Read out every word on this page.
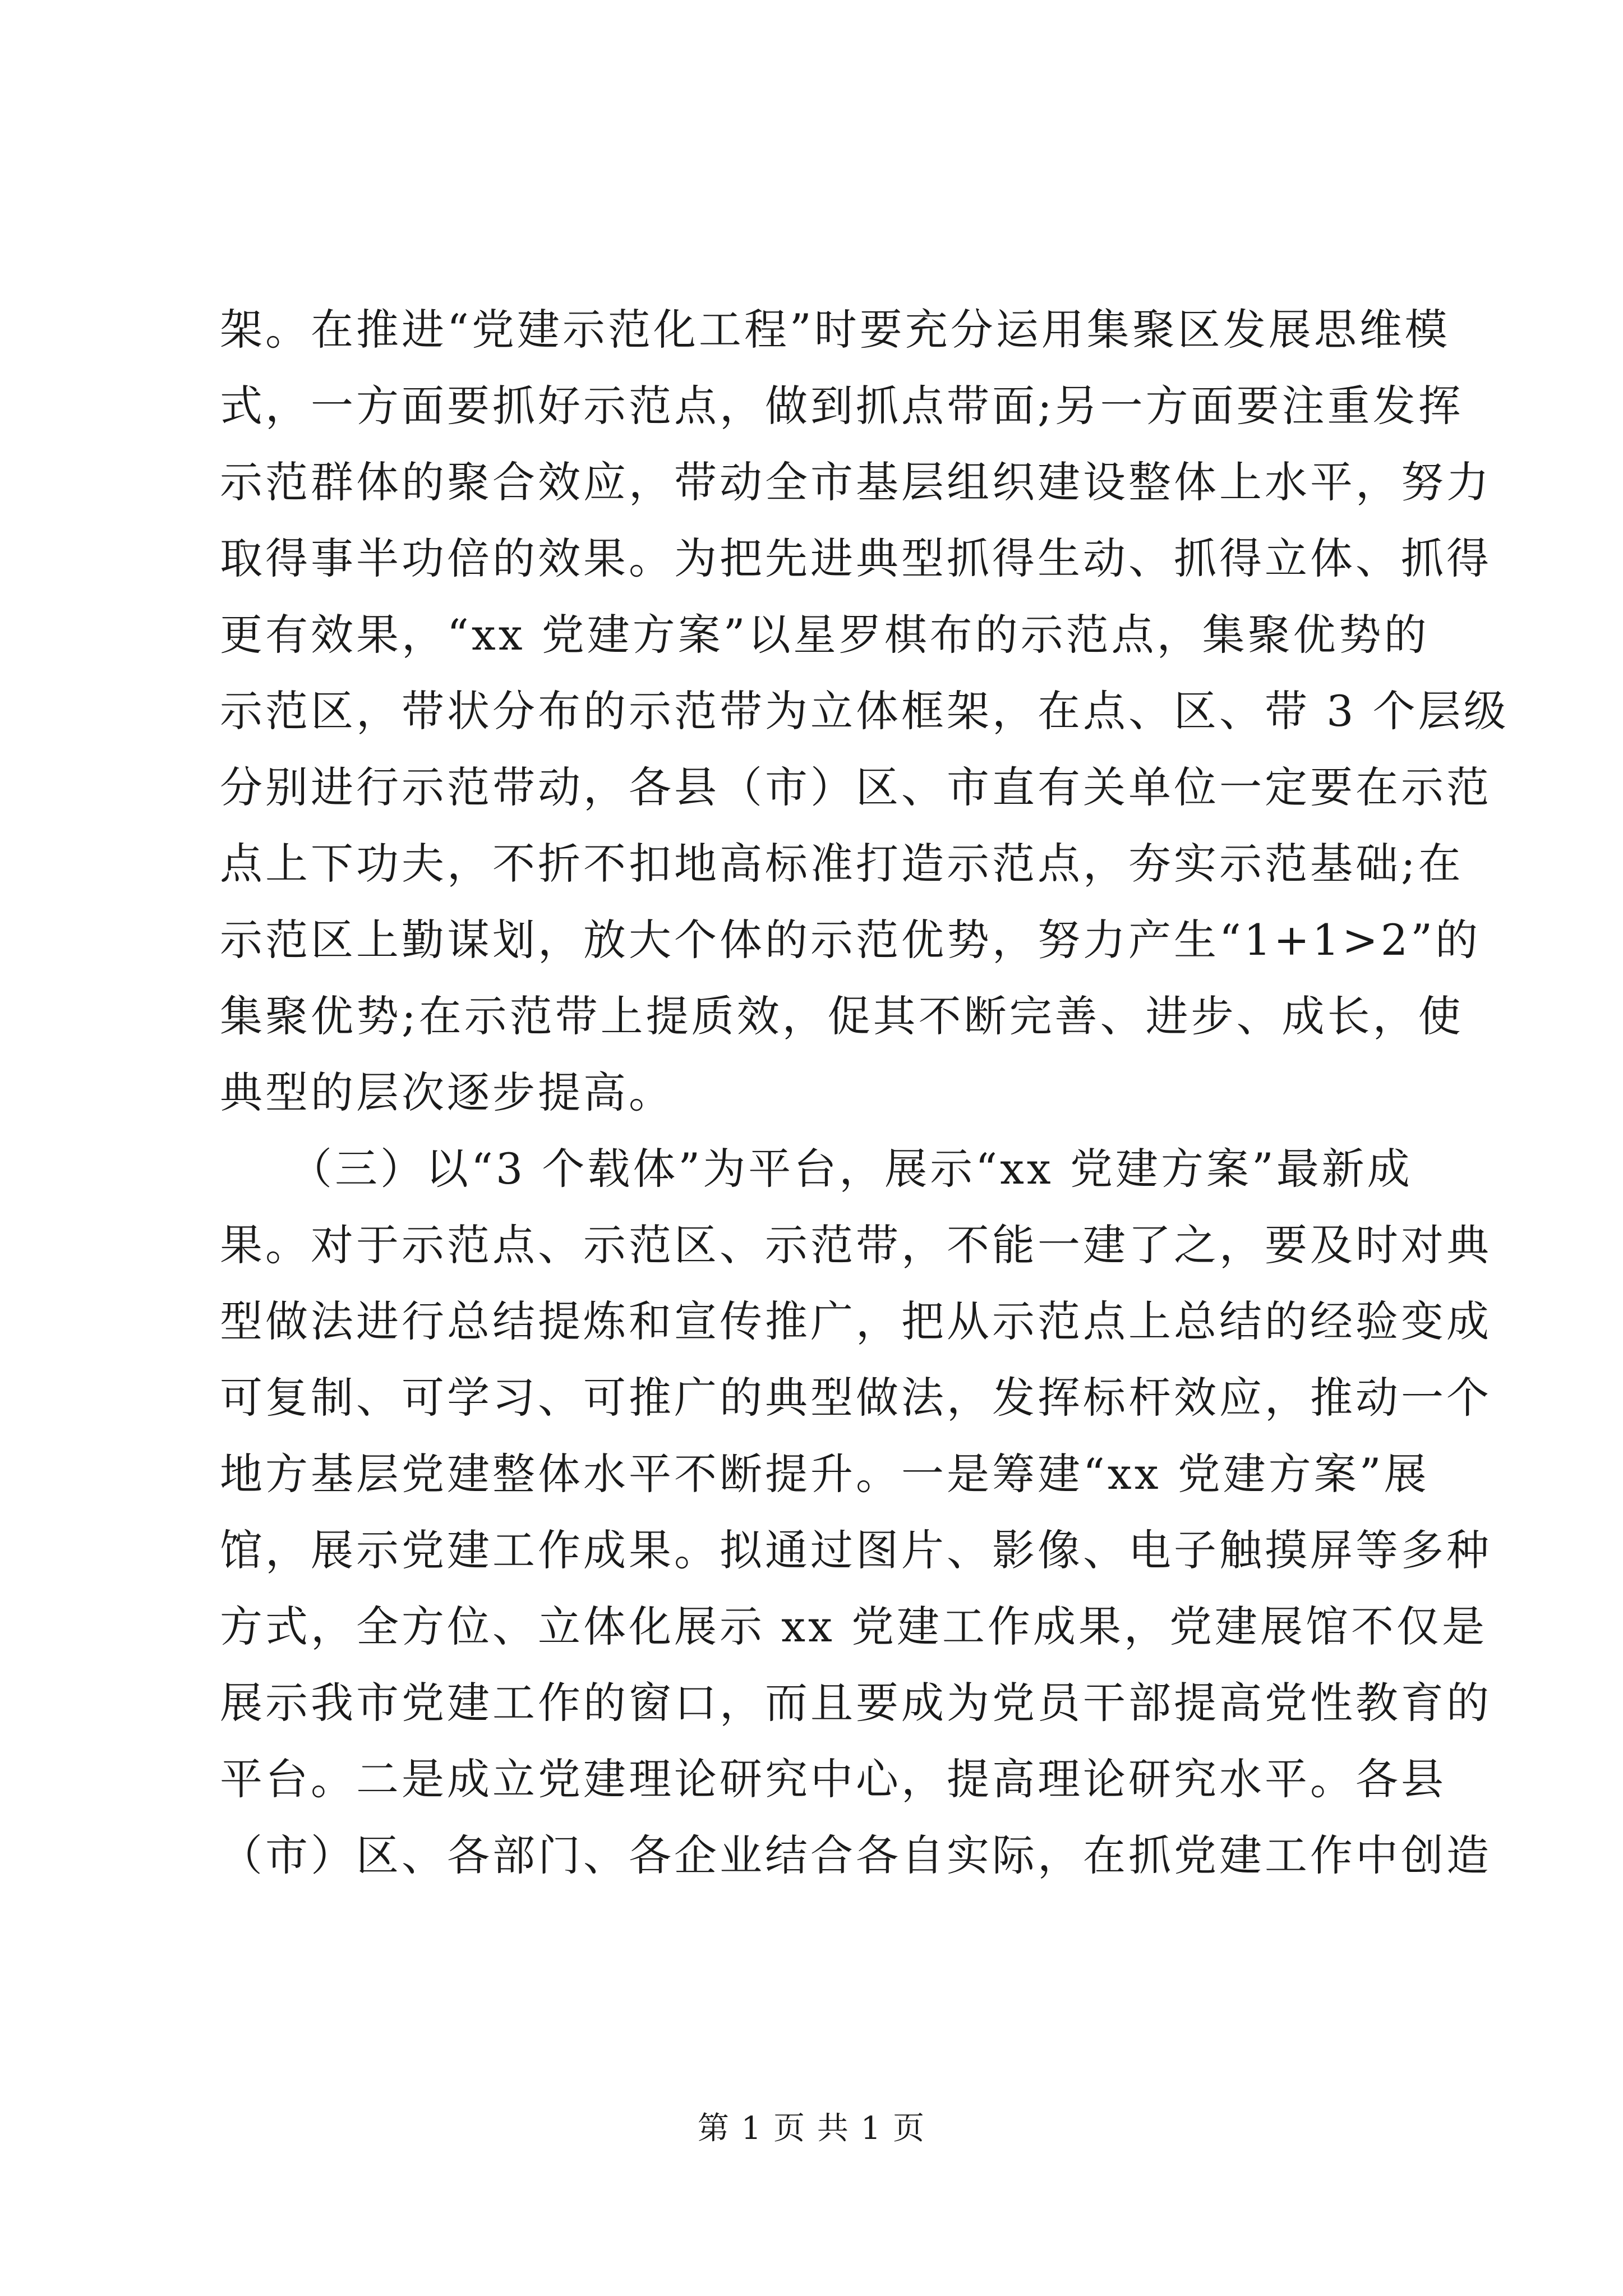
架。在推进“党建示范化工程”时要充分运用集聚区发展思维模
式，一方面要抓好示范点，做到抓点带面;另一方面要注重发挥
示范群体的聚合效应，带动全市基层组织建设整体上水平，努力
取得事半功倍的效果。为把先进典型抓得生动、抓得立体、抓得
更有效果，“xx 党建方案”以星罗棋布的示范点，集聚优势的
示范区，带状分布的示范带为立体框架，在点、区、带 3 个层级
分别进行示范带动，各县（市）区、市直有关单位一定要在示范
点上下功夫，不折不扣地高标准打造示范点，夯实示范基础;在
示范区上勤谋划，放大个体的示范优势，努力产生“1+1>2”的
集聚优势;在示范带上提质效，促其不断完善、进步、成长，使
典型的层次逐步提高。
　　（三）以“3 个载体”为平台，展示“xx 党建方案”最新成
果。对于示范点、示范区、示范带，不能一建了之，要及时对典
型做法进行总结提炼和宣传推广，把从示范点上总结的经验变成
可复制、可学习、可推广的典型做法，发挥标杆效应，推动一个
地方基层党建整体水平不断提升。一是筹建“xx 党建方案”展
馆，展示党建工作成果。拟通过图片、影像、电子触摸屏等多种
方式，全方位、立体化展示 xx 党建工作成果，党建展馆不仅是
展示我市党建工作的窗口，而且要成为党员干部提高党性教育的
平台。二是成立党建理论研究中心，提高理论研究水平。各县
（市）区、各部门、各企业结合各自实际，在抓党建工作中创造
第 1 页 共 1 页
